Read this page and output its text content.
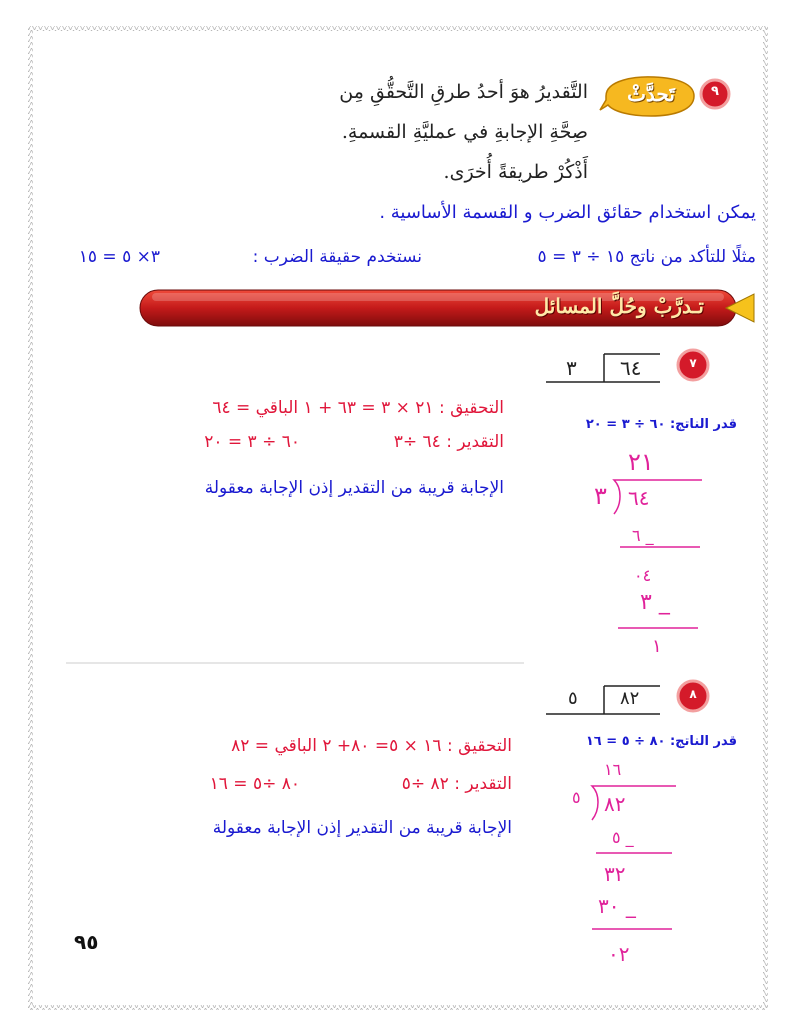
٩
تَحدَّثْ
التَّقديرُ هوَ أحدُ طرقِ التَّحقُّقِ مِن
صِحَّةِ الإجابةِ في عمليَّةِ القسمةِ.
أَذْكُرْ طريقةً أُخرَى.
يمكن استخدام حقائق الضرب و القسمة الأساسية .
مثلًا للتأكد من ناتج ١٥ ÷ ٣ = ٥
نستخدم حقيقة الضرب :
٣× ٥ = ١٥
تـدرَّبْ وحُلَّ المسائل
٧
٣ ٦٤
قدر الناتج: ٦٠ ÷ ٣ = ٢٠
٢١
٣ ٦٤
٦ _
٠٤
٣ _
١
التحقيق : ٢١ × ٣ = ٦٣ + ١ الباقي = ٦٤
التقدير : ٦٤ ÷٣
٦٠ ÷ ٣ = ٢٠
الإجابة قريبة من التقدير إذن الإجابة معقولة
٨
٥ ٨٢
قدر الناتج: ٨٠ ÷ ٥ = ١٦
١٦
٥ ٨٢
٥ _
٣٢
٣٠ _
٠٢
التحقيق : ١٦ × ٥= ٨٠+ ٢ الباقي = ٨٢
التقدير : ٨٢ ÷٥
٨٠ ÷٥ = ١٦
الإجابة قريبة من التقدير إذن الإجابة معقولة
٩٥
